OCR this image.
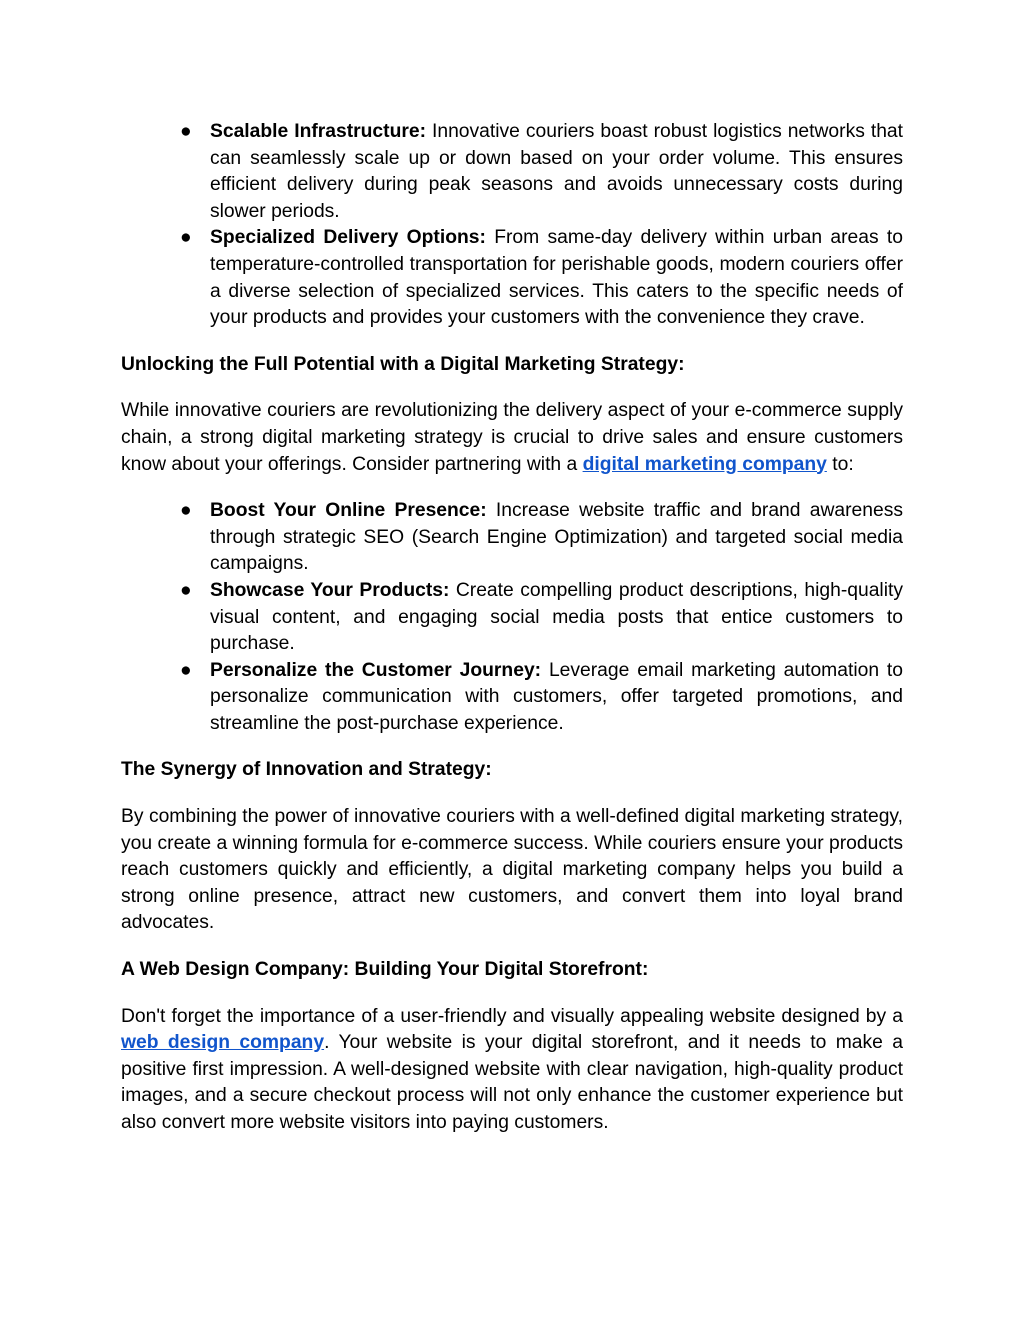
● Scalable Infrastructure: Innovative couriers boast robust logistics networks that can seamlessly scale up or down based on your order volume. This ensures efficient delivery during peak seasons and avoids unnecessary costs during slower periods.
● Specialized Delivery Options: From same-day delivery within urban areas to temperature-controlled transportation for perishable goods, modern couriers offer a diverse selection of specialized services. This caters to the specific needs of your products and provides your customers with the convenience they crave.
Unlocking the Full Potential with a Digital Marketing Strategy:

While innovative couriers are revolutionizing the delivery aspect of your e-commerce supply chain, a strong digital marketing strategy is crucial to drive sales and ensure customers know about your offerings. Consider partnering with a digital marketing company to:

● Boost Your Online Presence: Increase website traffic and brand awareness through strategic SEO (Search Engine Optimization) and targeted social media campaigns.
● Showcase Your Products: Create compelling product descriptions, high-quality visual content, and engaging social media posts that entice customers to purchase.
● Personalize the Customer Journey: Leverage email marketing automation to personalize communication with customers, offer targeted promotions, and streamline the post-purchase experience.
The Synergy of Innovation and Strategy:

By combining the power of innovative couriers with a well-defined digital marketing strategy, you create a winning formula for e-commerce success. While couriers ensure your products reach customers quickly and efficiently, a digital marketing company helps you build a strong online presence, attract new customers, and convert them into loyal brand advocates.

A Web Design Company: Building Your Digital Storefront:

Don't forget the importance of a user-friendly and visually appealing website designed by a web design company. Your website is your digital storefront, and it needs to make a positive first impression. A well-designed website with clear navigation, high-quality product images, and a secure checkout process will not only enhance the customer experience but also convert more website visitors into paying customers.
